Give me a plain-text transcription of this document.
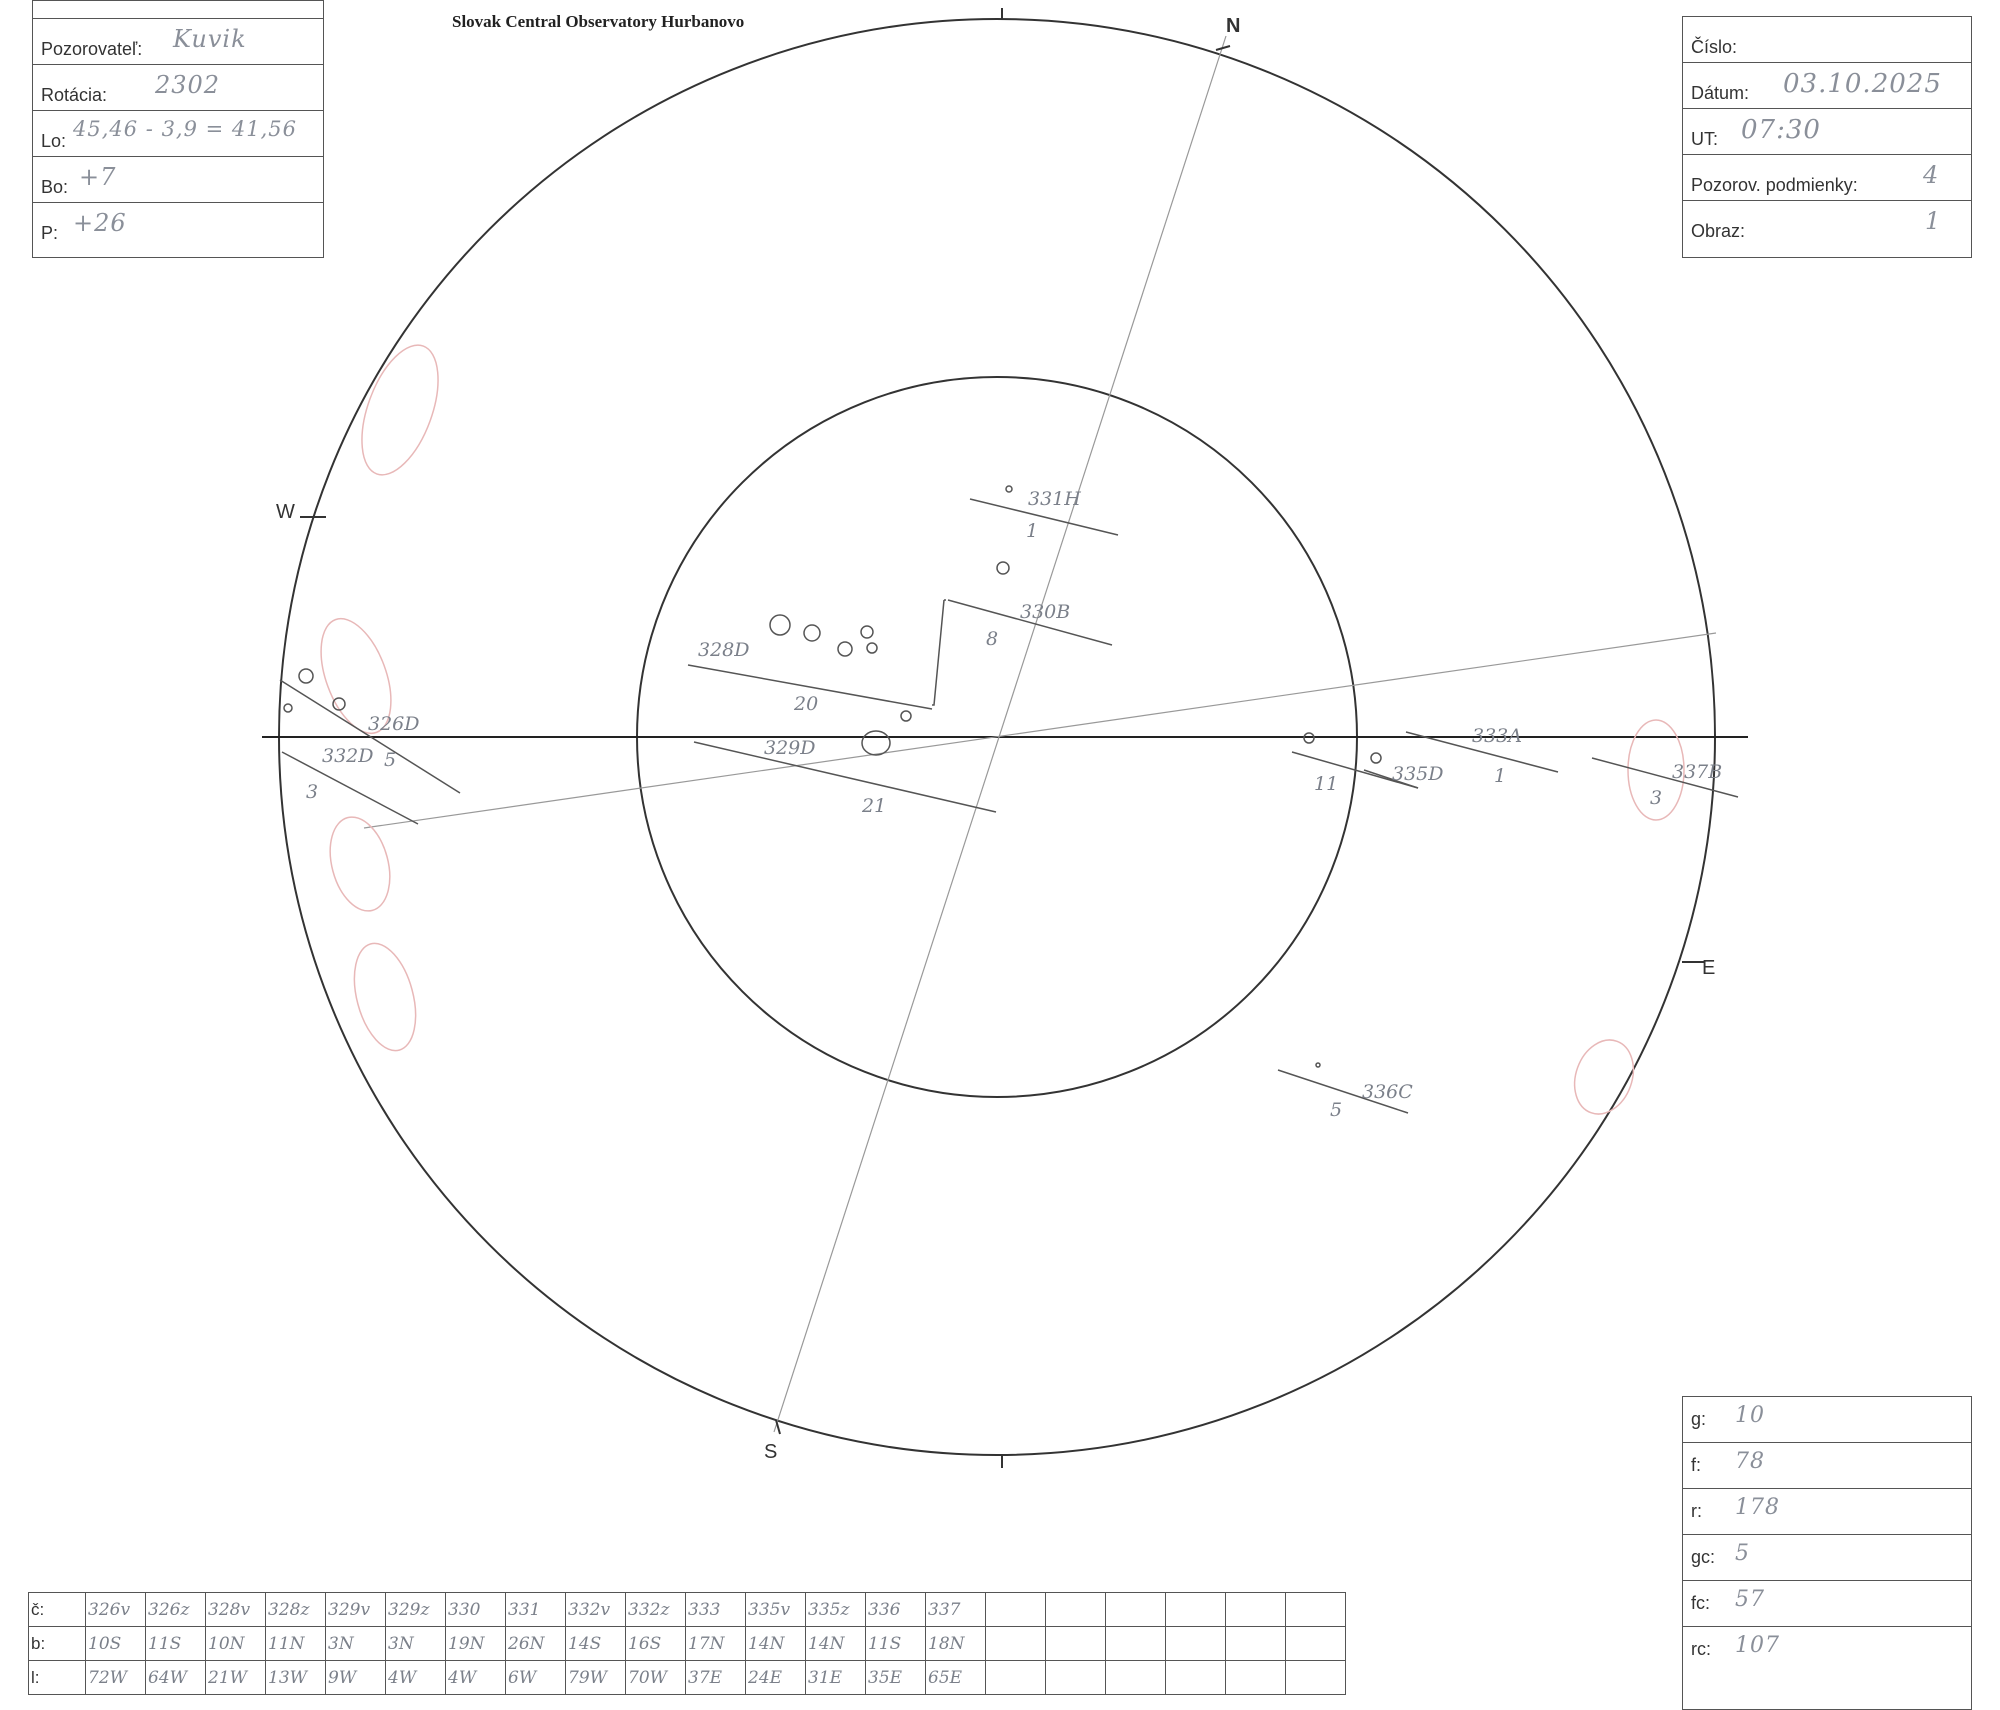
Slovak Central Observatory Hurbanovo
Pozorovateľ: Kuvik
Rotácia: 2302
Lo: 45,46 - 3,9 = 41,56
Bo: +7
P: +26
Číslo:
Dátum: 03.10.2025
UT: 07:30
Pozorov. podmienky:	4
Obraz:	1
N
W
E
S
331H
1
330B
8
328D
20
329D
21
326D
5
332D
3
333A
1
335D
11
337B
3
336C
5
g: 10
f: 78
r: 178
gc: 5
fc: 57
rc: 107
č:	326v	326z	328v	328z	329v	329z	330	331	332v	332z	333	335v	335z	336	337						
b:	10S	11S	10N	11N	3N	3N	19N	26N	14S	16S	17N	14N	14N	11S	18N						
l:	72W	64W	21W	13W	9W	4W	4W	6W	79W	70W	37E	24E	31E	35E	65E						
